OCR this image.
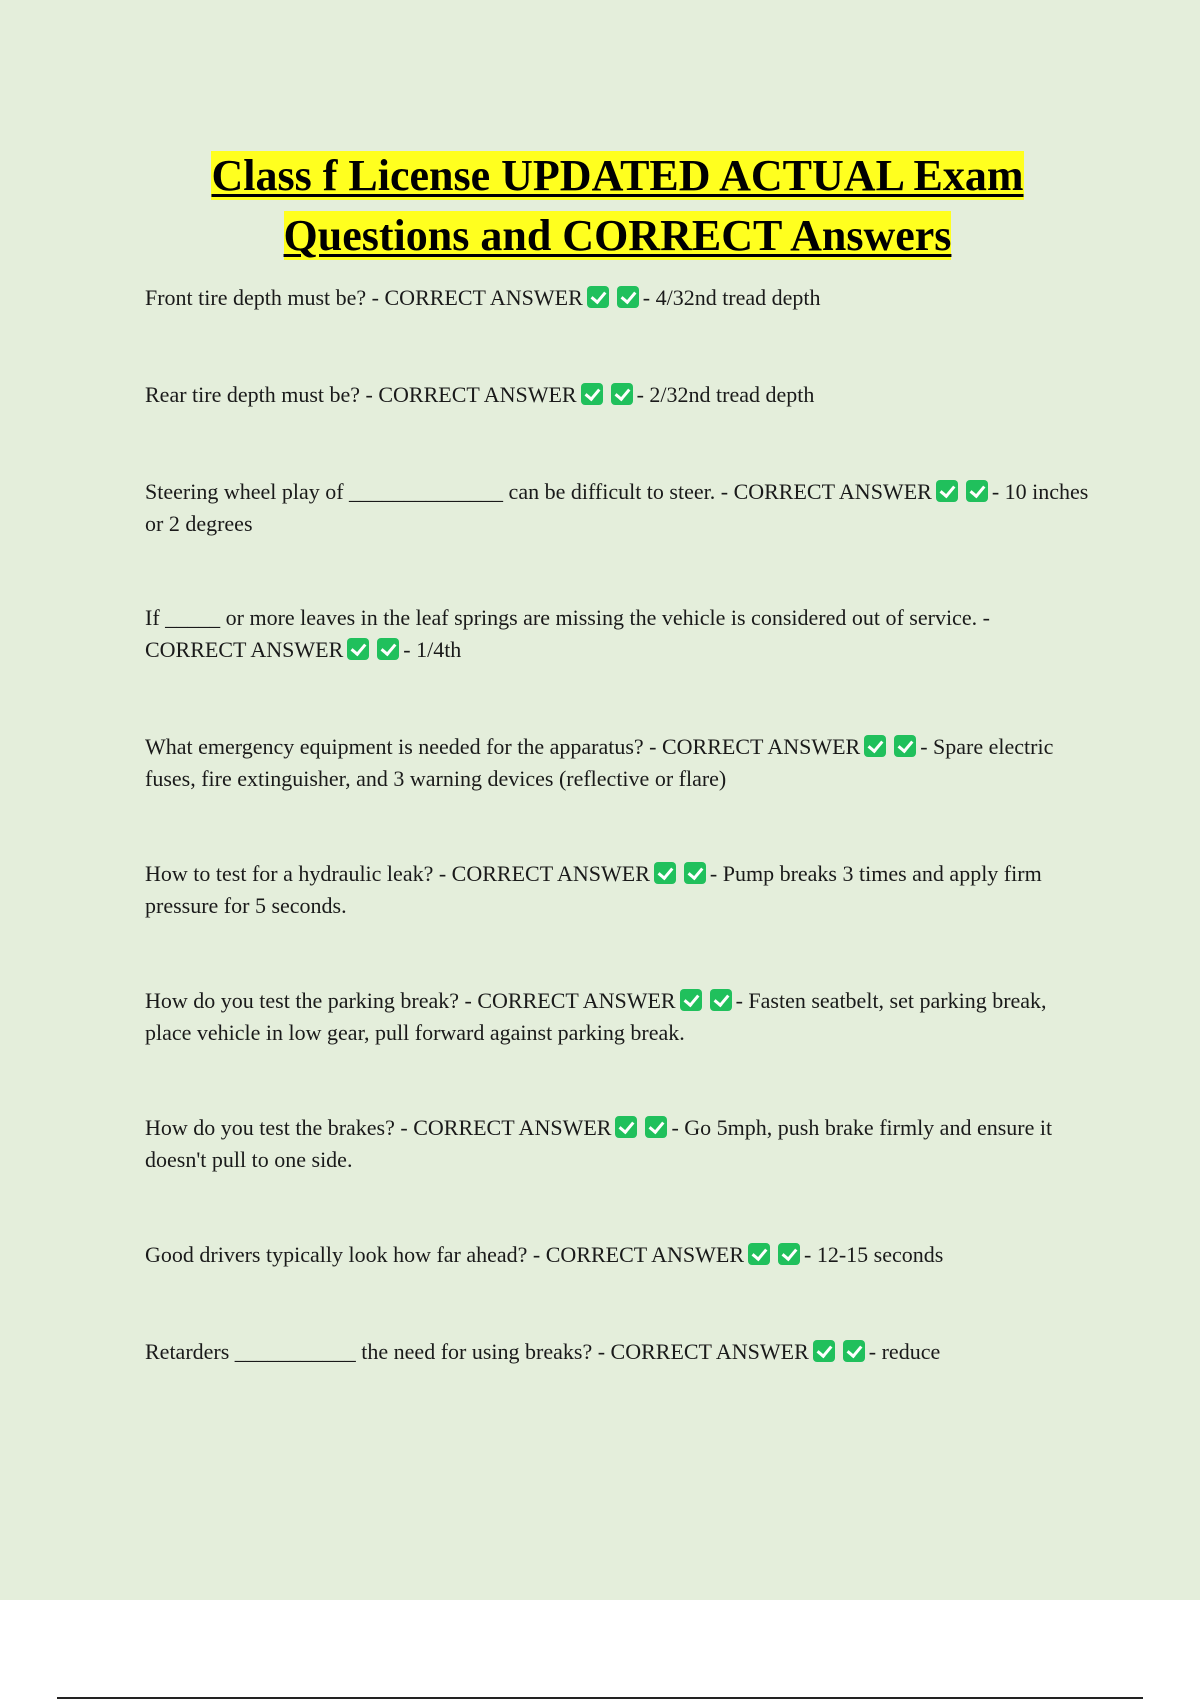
Class f License UPDATED ACTUAL Exam
Questions and CORRECT Answers

Front tire depth must be? - CORRECT ANSWER	- 4/32nd tread depth

Rear tire depth must be? - CORRECT ANSWER	- 2/32nd tread depth

Steering wheel play of ______________ can be difficult to steer. - CORRECT ANSWER	- 10 inches or 2 degrees

If _____ or more leaves in the leaf springs are missing the vehicle is considered out of service. - CORRECT ANSWER	- 1/4th

What emergency equipment is needed for the apparatus? - CORRECT ANSWER	- Spare electric fuses, fire extinguisher, and 3 warning devices (reflective or flare)

How to test for a hydraulic leak? - CORRECT ANSWER	- Pump breaks 3 times and apply firm pressure for 5 seconds.

How do you test the parking break? - CORRECT ANSWER	- Fasten seatbelt, set parking break, place vehicle in low gear, pull forward against parking break.

How do you test the brakes? - CORRECT ANSWER	- Go 5mph, push brake firmly and ensure it doesn't pull to one side.

Good drivers typically look how far ahead? - CORRECT ANSWER	- 12-15 seconds

Retarders ___________ the need for using breaks? - CORRECT ANSWER	- reduce
